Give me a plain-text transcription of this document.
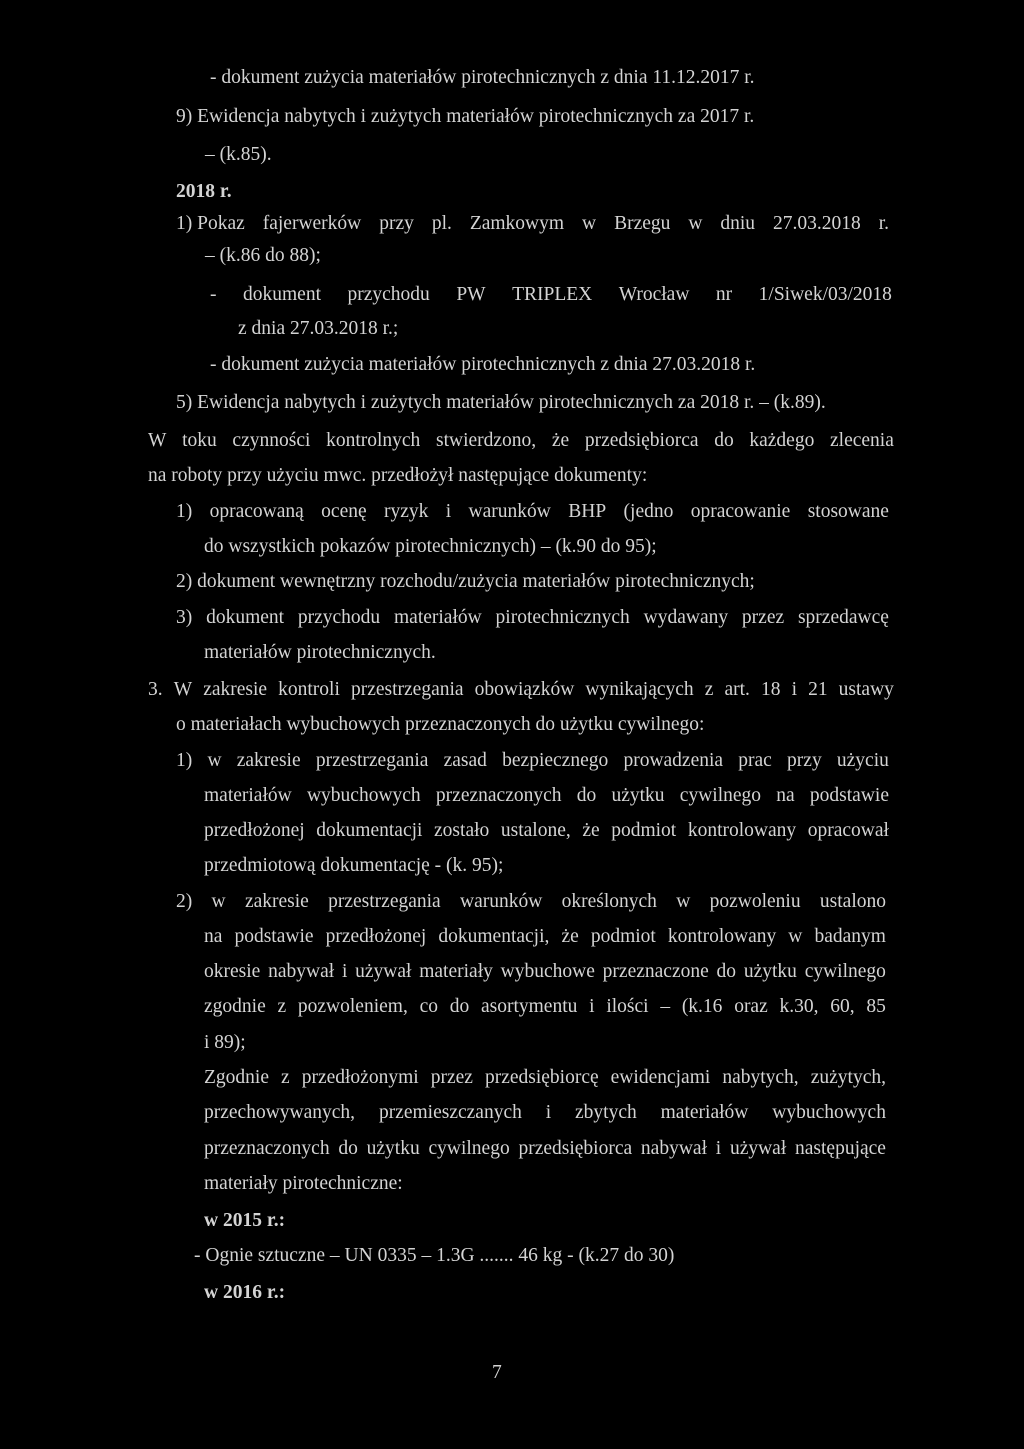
- dokument zużycia materiałów pirotechnicznych z dnia 11.12.2017 r.
9) Ewidencja nabytych i zużytych materiałów pirotechnicznych za 2017 r.
– (k.85).
2018 r.
1) Pokaz fajerwerków przy pl. Zamkowym w Brzegu w dniu 27.03.2018 r.
– (k.86 do 88);
- dokument przychodu PW TRIPLEX Wrocław nr 1/Siwek/03/2018
z dnia 27.03.2018 r.;
- dokument zużycia materiałów pirotechnicznych z dnia 27.03.2018 r.
5) Ewidencja nabytych i zużytych materiałów pirotechnicznych za 2018 r. – (k.89).
W toku czynności kontrolnych stwierdzono, że przedsiębiorca do każdego zlecenia
na roboty przy użyciu mwc. przedłożył następujące dokumenty:
1) opracowaną ocenę ryzyk i warunków BHP (jedno opracowanie stosowane
do wszystkich pokazów pirotechnicznych) – (k.90 do 95);
2) dokument wewnętrzny rozchodu/zużycia materiałów pirotechnicznych;
3) dokument przychodu materiałów pirotechnicznych wydawany przez sprzedawcę
materiałów pirotechnicznych.
3. W zakresie kontroli przestrzegania obowiązków wynikających z art. 18 i 21 ustawy
o materiałach wybuchowych przeznaczonych do użytku cywilnego:
1) w zakresie przestrzegania zasad bezpiecznego prowadzenia prac przy użyciu
materiałów wybuchowych przeznaczonych do użytku cywilnego na podstawie
przedłożonej dokumentacji zostało ustalone, że podmiot kontrolowany opracował
przedmiotową dokumentację - (k. 95);
2) w zakresie przestrzegania warunków określonych w pozwoleniu ustalono
na podstawie przedłożonej dokumentacji, że podmiot kontrolowany w badanym
okresie nabywał i używał materiały wybuchowe przeznaczone do użytku cywilnego
zgodnie z pozwoleniem, co do asortymentu i ilości – (k.16 oraz k.30, 60, 85
i 89);
Zgodnie z przedłożonymi przez przedsiębiorcę ewidencjami nabytych, zużytych,
przechowywanych, przemieszczanych i zbytych materiałów wybuchowych
przeznaczonych do użytku cywilnego przedsiębiorca nabywał i używał następujące
materiały pirotechniczne:
w 2015 r.:
- Ognie sztuczne – UN 0335 – 1.3G ....... 46 kg - (k.27 do 30)
w 2016 r.:
7
